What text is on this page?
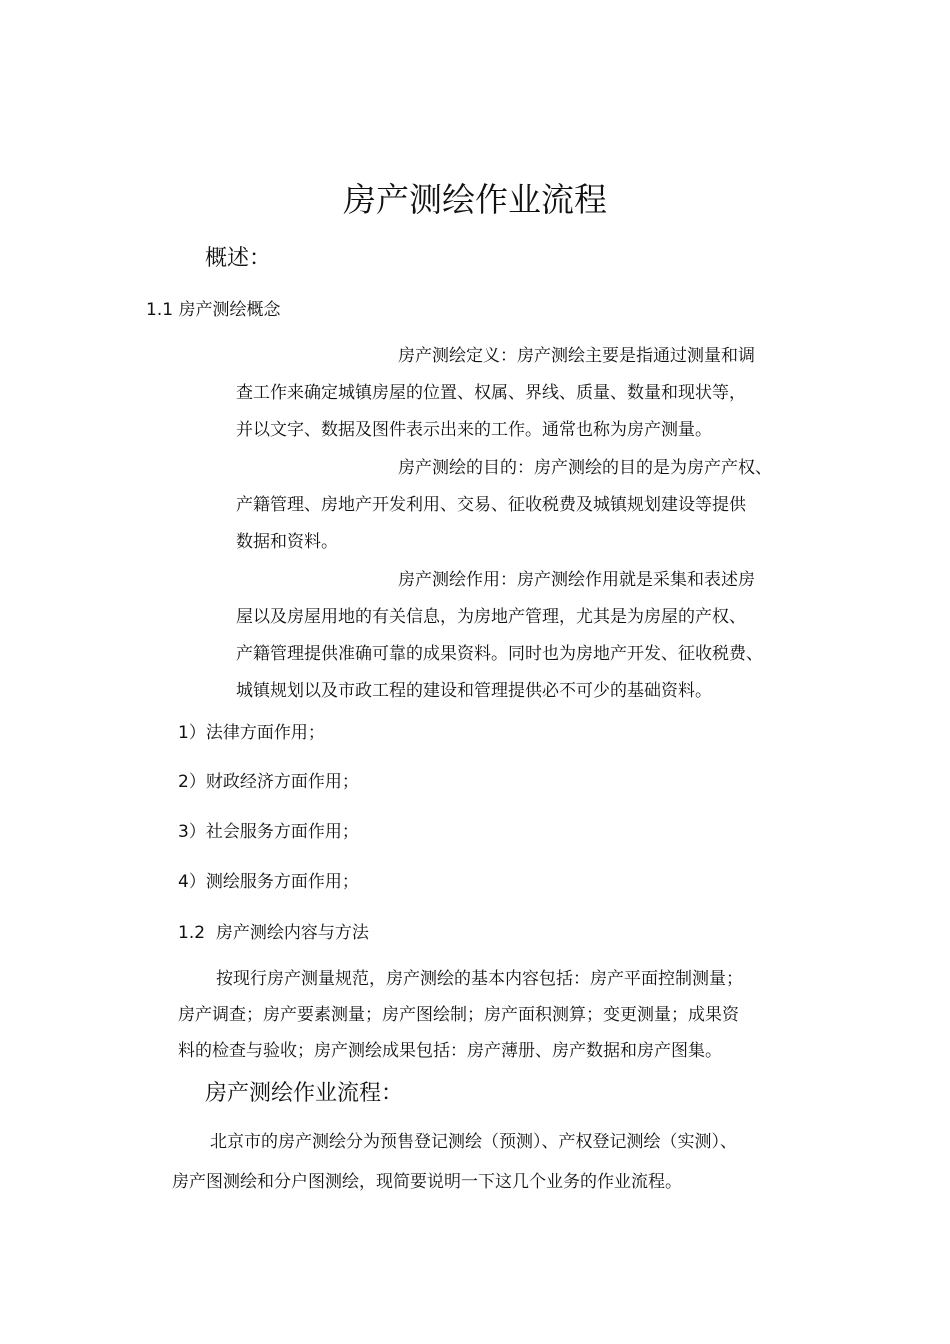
房产测绘作业流程
概述：
1.1 房产测绘概念
房产测绘定义：房产测绘主要是指通过测量和调
查工作来确定城镇房屋的位置、权属、界线、质量、数量和现状等，
并以文字、数据及图件表示出来的工作。通常也称为房产测量。
房产测绘的目的：房产测绘的目的是为房产产权、
产籍管理、房地产开发利用、交易、征收税费及城镇规划建设等提供
数据和资料。
房产测绘作用：房产测绘作用就是采集和表述房
屋以及房屋用地的有关信息，为房地产管理，尤其是为房屋的产权、
产籍管理提供准确可靠的成果资料。同时也为房地产开发、征收税费、
城镇规划以及市政工程的建设和管理提供必不可少的基础资料。
1）法律方面作用；
2）财政经济方面作用；
3）社会服务方面作用；
4）测绘服务方面作用；
1.2 房产测绘内容与方法
按现行房产测量规范，房产测绘的基本内容包括：房产平面控制测量；
房产调查；房产要素测量；房产图绘制；房产面积测算；变更测量；成果资
料的检查与验收；房产测绘成果包括：房产薄册、房产数据和房产图集。
房产测绘作业流程：
北京市的房产测绘分为预售登记测绘（预测）、产权登记测绘（实测）、
房产图测绘和分户图测绘，现简要说明一下这几个业务的作业流程。
